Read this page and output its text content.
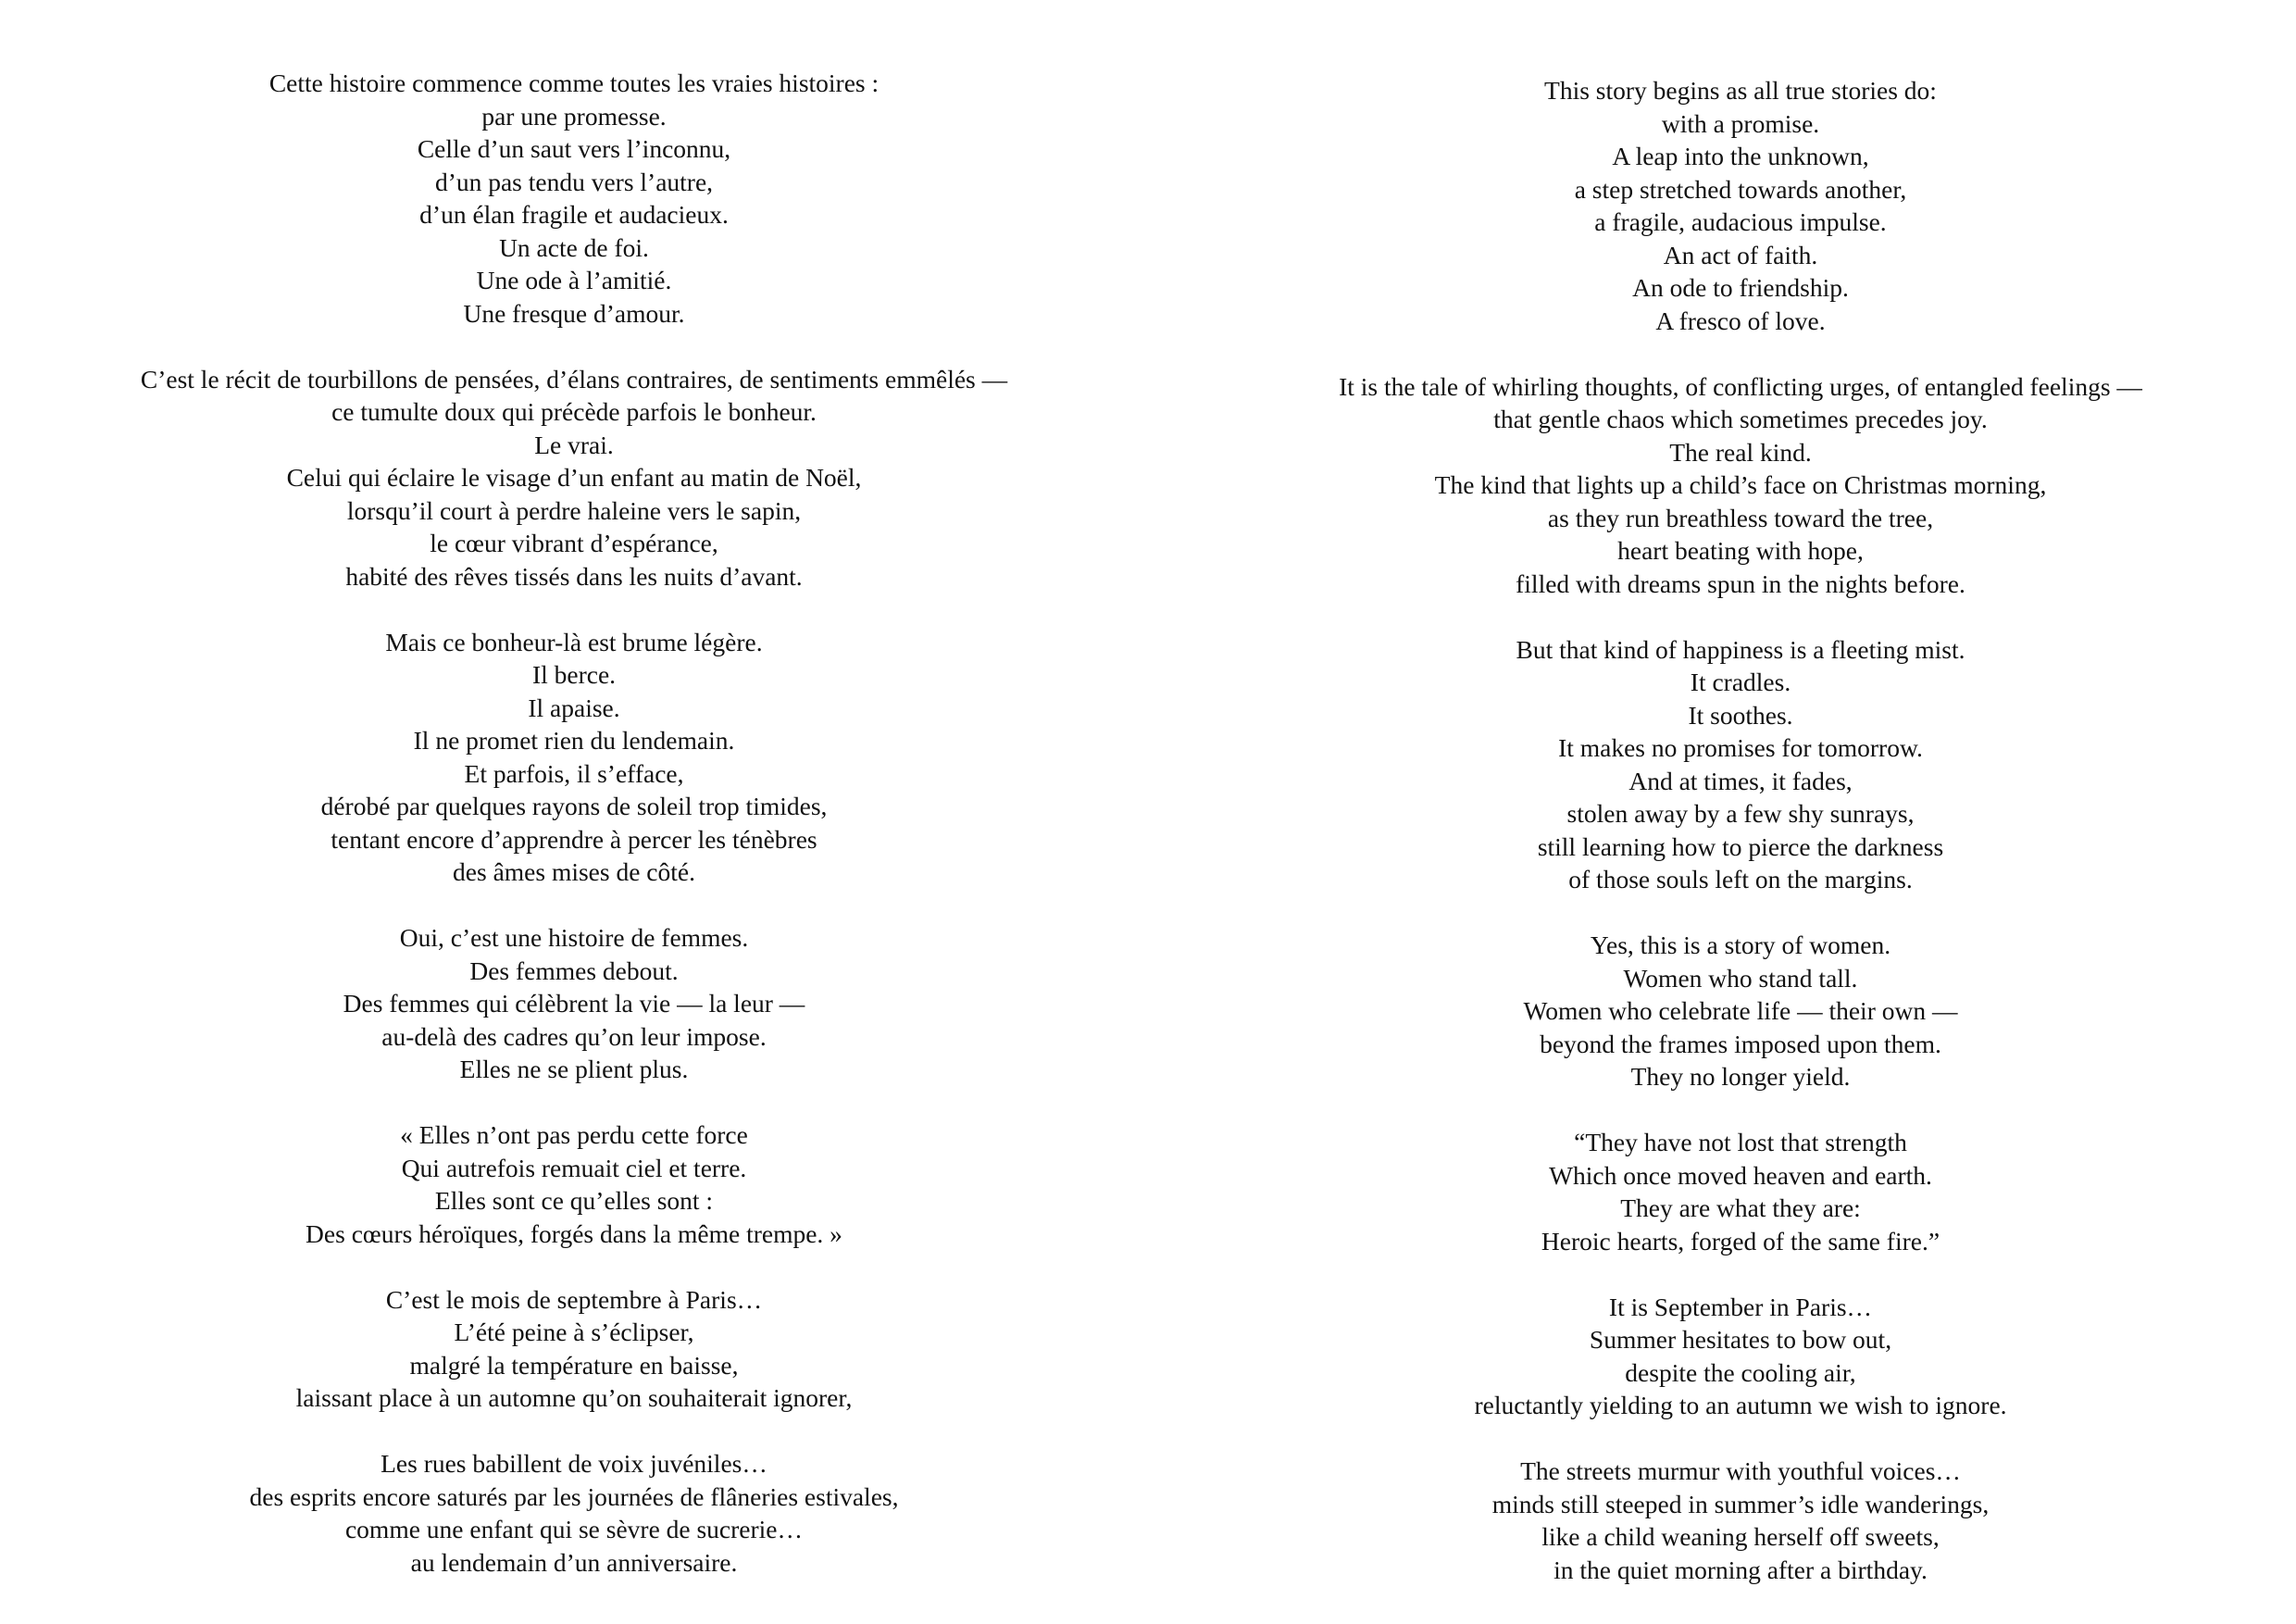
Cette histoire commence comme toutes les vraies histoires :
par une promesse.
Celle d’un saut vers l’inconnu,
d’un pas tendu vers l’autre,
d’un élan fragile et audacieux.
Un acte de foi.
Une ode à l’amitié.
Une fresque d’amour.
C’est le récit de tourbillons de pensées, d’élans contraires, de sentiments emmêlés —
ce tumulte doux qui précède parfois le bonheur.
Le vrai.
Celui qui éclaire le visage d’un enfant au matin de Noël,
lorsqu’il court à perdre haleine vers le sapin,
le cœur vibrant d’espérance,
habité des rêves tissés dans les nuits d’avant.
Mais ce bonheur-là est brume légère.
Il berce.
Il apaise.
Il ne promet rien du lendemain.
Et parfois, il s’efface,
dérobé par quelques rayons de soleil trop timides,
tentant encore d’apprendre à percer les ténèbres
des âmes mises de côté.
Oui, c’est une histoire de femmes.
Des femmes debout.
Des femmes qui célèbrent la vie — la leur —
au-delà des cadres qu’on leur impose.
Elles ne se plient plus.
« Elles n’ont pas perdu cette force
Qui autrefois remuait ciel et terre.
Elles sont ce qu’elles sont :
Des cœurs héroïques, forgés dans la même trempe. »
C’est le mois de septembre à Paris…
L’été peine à s’éclipser,
malgré la température en baisse,
laissant place à un automne qu’on souhaiterait ignorer,
Les rues babillent de voix juvéniles…
des esprits encore saturés par les journées de flâneries estivales,
comme une enfant qui se sèvre de sucrerie…
au lendemain d’un anniversaire.
This story begins as all true stories do:
with a promise.
A leap into the unknown,
a step stretched towards another,
a fragile, audacious impulse.
An act of faith.
An ode to friendship.
A fresco of love.
It is the tale of whirling thoughts, of conflicting urges, of entangled feelings —
that gentle chaos which sometimes precedes joy.
The real kind.
The kind that lights up a child’s face on Christmas morning,
as they run breathless toward the tree,
heart beating with hope,
filled with dreams spun in the nights before.
But that kind of happiness is a fleeting mist.
It cradles.
It soothes.
It makes no promises for tomorrow.
And at times, it fades,
stolen away by a few shy sunrays,
still learning how to pierce the darkness
of those souls left on the margins.
Yes, this is a story of women.
Women who stand tall.
Women who celebrate life — their own —
beyond the frames imposed upon them.
They no longer yield.
“They have not lost that strength
Which once moved heaven and earth.
They are what they are:
Heroic hearts, forged of the same fire.”
It is September in Paris…
Summer hesitates to bow out,
despite the cooling air,
reluctantly yielding to an autumn we wish to ignore.
The streets murmur with youthful voices…
minds still steeped in summer’s idle wanderings,
like a child weaning herself off sweets,
in the quiet morning after a birthday.
